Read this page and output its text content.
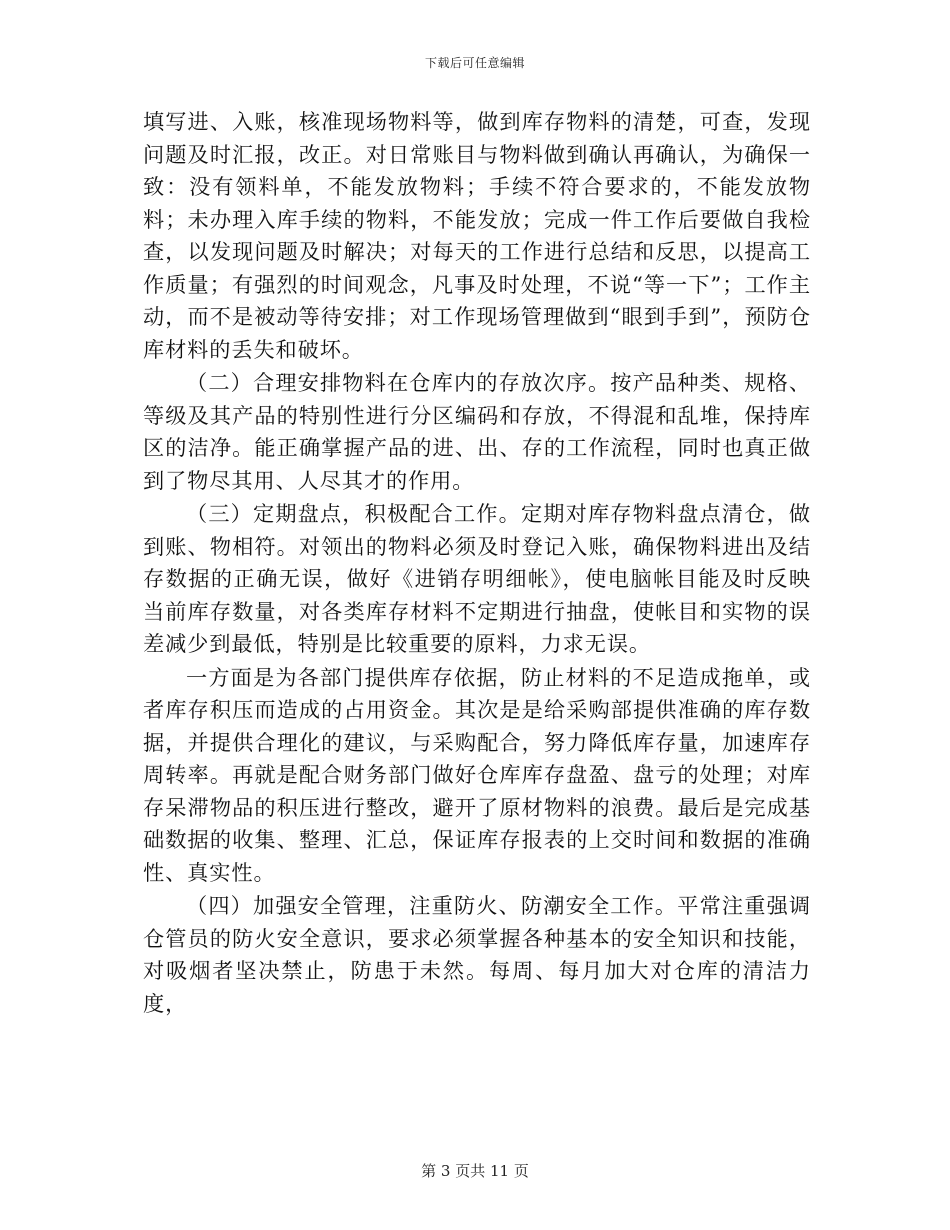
下载后可任意编辑

填写进、入账，核准现场物料等，做到库存物料的清楚，可查，发现问题及时汇报，改正。对日常账目与物料做到确认再确认，为确保一致：没有领料单，不能发放物料；手续不符合要求的，不能发放物料；未办理入库手续的物料，不能发放；完成一件工作后要做自我检查，以发现问题及时解决；对每天的工作进行总结和反思，以提高工作质量；有强烈的时间观念，凡事及时处理，不说“等一下”；工作主动，而不是被动等待安排；对工作现场管理做到“眼到手到”，预防仓库材料的丢失和破坏。

（二）合理安排物料在仓库内的存放次序。按产品种类、规格、等级及其产品的特别性进行分区编码和存放，不得混和乱堆，保持库区的洁净。能正确掌握产品的进、出、存的工作流程，同时也真正做到了物尽其用、人尽其才的作用。

（三）定期盘点，积极配合工作。定期对库存物料盘点清仓，做到账、物相符。对领出的物料必须及时登记入账，确保物料进出及结存数据的正确无误，做好《进销存明细帐》，使电脑帐目能及时反映当前库存数量，对各类库存材料不定期进行抽盘，使帐目和实物的误差减少到最低，特别是比较重要的原料，力求无误。

一方面是为各部门提供库存依据，防止材料的不足造成拖单，或者库存积压而造成的占用资金。其次是是给采购部提供准确的库存数据，并提供合理化的建议，与采购配合，努力降低库存量，加速库存周转率。再就是配合财务部门做好仓库库存盘盈、盘亏的处理；对库存呆滞物品的积压进行整改，避开了原材物料的浪费。最后是完成基础数据的收集、整理、汇总，保证库存报表的上交时间和数据的准确性、真实性。

（四）加强安全管理，注重防火、防潮安全工作。平常注重强调仓管员的防火安全意识，要求必须掌握各种基本的安全知识和技能，对吸烟者坚决禁止，防患于未然。每周、每月加大对仓库的清洁力度，

第 3 页共 11 页
